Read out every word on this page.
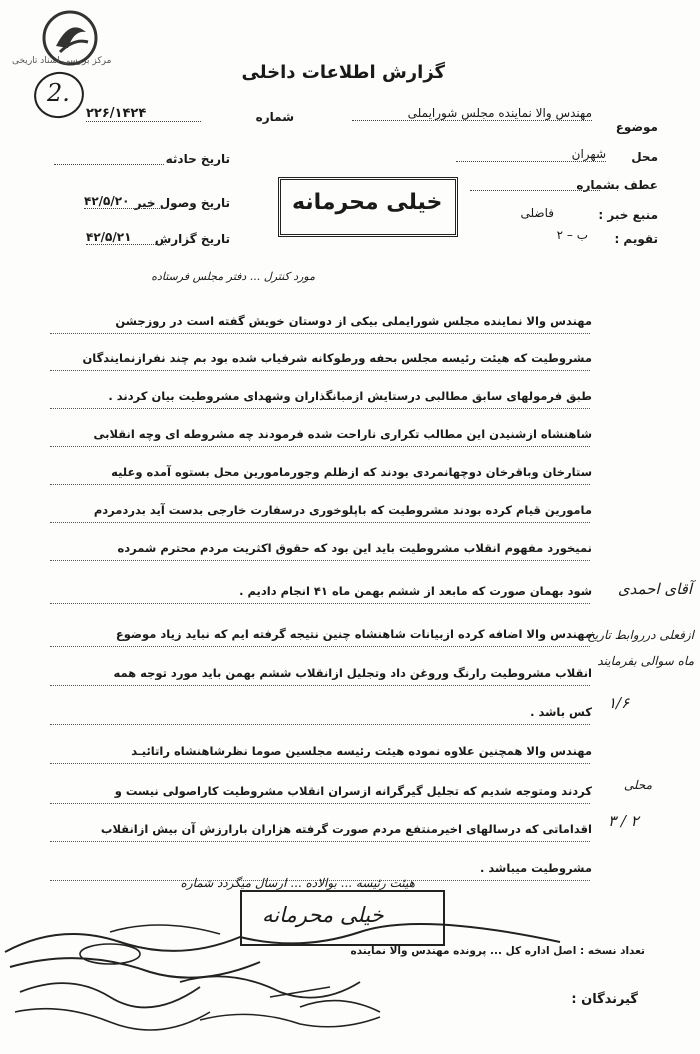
مرکز بررسی اسناد تاریخی
2.
گزارش اطلاعات داخلی
موضوع
مهندس والا نماینده مجلس شورایملی
محل
شهران
عطف بشماره
منبع خبر :
فاضلی
تقویم :
ب – ۲
شماره
۲۲۶/۱۴۲۴
تاریخ حادثه
تاریخ وصول خبر
۴۲/۵/۲۰
تاریخ گزارش
۴۲/۵/۲۱
خیلی محرمانه
مورد کنترل ... دفتر مجلس فرستاده
مهندس والا نماینده مجلس شورایملی بیکی از دوستان خویش گفته است در روزجشن
مشروطیت که هیئت رئیسه مجلس بحفه ورطوکانه شرفیاب شده بود بم چند نفرازنمایندگان
طبق فرمولهای سابق مطالبی درستایش ازمبانگذاران وشهدای مشروطیت بیان کردند .
شاهنشاه ازشنیدن این مطالب تکراری ناراحت شده فرمودند چه مشروطه ای وچه انقلابی
ستارخان وباقرخان دوچهانمردی بودند که ازظلم وجورمامورین محل بستوه آمده وعلیه
مامورین قیام کرده بودند مشروطیت که باپلوخوری درسفارت خارجی بدست آید بدردمردم
نمیخورد مفهوم انقلاب مشروطیت باید این بود که حقوق اکثریت مردم محترم شمرده
شود بهمان صورت که مابعد از ششم بهمن ماه ۴۱ انجام دادیم .
مهندس والا اضافه کرده ازبیانات شاهنشاه چنین نتیجه گرفته ایم که نباید زیاد موضوع
انقلاب مشروطیت رارنگ وروغن داد وتجلیل ازانقلاب ششم بهمن باید مورد توجه همه
کس باشد .
مهندس والا همچنین علاوه نموده هیئت رئیسه مجلسین صوما نظرشاهنشاه راتائیـد
کردند ومتوجه شدیم که تجلیل گیرگرانه ازسران انقلاب مشروطیت کاراصولی نیست و
اقداماتی که درسالهای اخیرمنتفع مردم صورت گرفته هزاران بارارزش آن بیش ازانقلاب
مشروطیت میباشد .
آقای احمدی
ازفعلی درروابط تاریخ
ماه سوالی بفرمایند
۱/۶
محلی
۳ / ۲
هیئت رئیسه ... بوالاده ... ارسال میگردد شماره
خیلی محرمانه
تعداد نسخه : اصل اداره کل ... پرونده مهندس والا نماینده
گیرندگان :
